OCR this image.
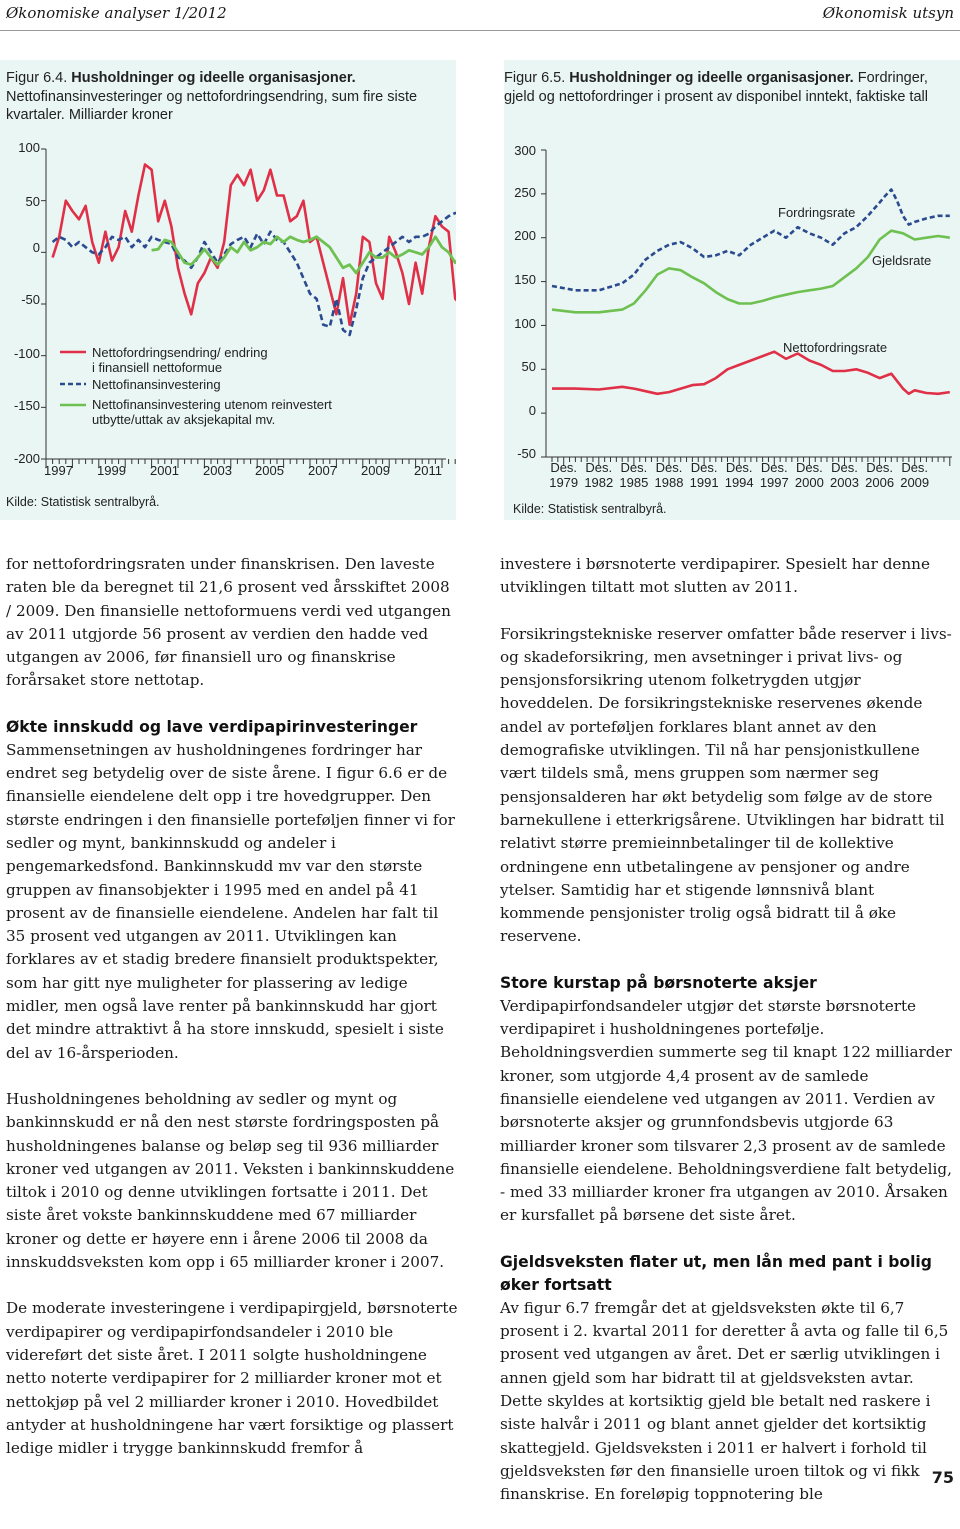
Økonomiske analyser 1/2012	Økonomisk utsyn
Figur 6.4. Husholdninger og ideelle organisasjoner.
Nettofinansinvesteringer og nettofordringsendring, sum fire siste kvartaler. Milliarder kroner
100
50
0
-50
-100
-150
-200
Nettofordringsendring/ endring i finansiell nettoformue
Nettofinansinvestering
Nettofinansinvestering utenom reinvestert utbytte/uttak av aksjekapital mv.
1997 1999 2001 2003 2005 2007 2009 2011
Kilde: Statistisk sentralbyrå.
Figur 6.5. Husholdninger og ideelle organisasjoner. Fordringer, gjeld og nettofordringer i prosent av disponibel inntekt, faktiske tall
300
250
200
150
100
50
0
-50
Fordringsrate
Gjeldsrate
Nettofordringsrate
Des. 1979
Des. 1982
Des. 1985
Des. 1988
Des. 1991
Des. 1994
Des. 1997
Des. 2000
Des. 2003
Des. 2006
Des. 2009
Kilde: Statistisk sentralbyrå.

for nettofordringsraten under finanskrisen. Den laveste raten ble da beregnet til 21,6 prosent ved årsskiftet 2008 / 2009. Den finansielle nettoformuens verdi ved utgangen av 2011 utgjorde 56 prosent av verdien den hadde ved utgangen av 2006, før finansiell uro og finanskrise forårsaket store nettotap.

Økte innskudd og lave verdipapirinvesteringer

Sammensetningen av husholdningenes fordringer har endret seg betydelig over de siste årene. I figur 6.6 er de finansielle eiendelene delt opp i tre hovedgrupper. Den største endringen i den finansielle porteføljen finner vi for sedler og mynt, bankinnskudd og andeler i pengemarkedsfond. Bankinnskudd mv var den største gruppen av finansobjekter i 1995 med en andel på 41 prosent av de finansielle eiendelene. Andelen har falt til 35 prosent ved utgangen av 2011. Utviklingen kan forklares av et stadig bredere finansielt produktspekter, som har gitt nye muligheter for plassering av ledige midler, men også lave renter på bankinnskudd har gjort det mindre attraktivt å ha store innskudd, spesielt i siste del av 16-årsperioden.

Husholdningenes beholdning av sedler og mynt og bankinnskudd er nå den nest største fordringsposten på husholdningenes balanse og beløp seg til 936 milliarder kroner ved utgangen av 2011. Veksten i bankinnskuddene tiltok i 2010 og denne utviklingen fortsatte i 2011. Det siste året vokste bankinnskuddene med 67 milliarder kroner og dette er høyere enn i årene 2006 til 2008 da innskuddsveksten kom opp i 65 milliarder kroner i 2007.

De moderate investeringene i verdipapirgjeld, børsnoterte verdipapirer og verdipapirfondsandeler i 2010 ble videreført det siste året. I 2011 solgte husholdningene netto noterte verdipapirer for 2 milliarder kroner mot et nettokjøp på vel 2 milliarder kroner i 2010. Hovedbildet antyder at husholdningene har vært forsiktige og plassert ledige midler i trygge bankinnskudd fremfor å

investere i børsnoterte verdipapirer. Spesielt har denne utviklingen tiltatt mot slutten av 2011.

Forsikringstekniske reserver omfatter både reserver i livs- og skadeforsikring, men avsetninger i privat livs- og pensjonsforsikring utenom folketrygden utgjør hoveddelen. De forsikringstekniske reservenes økende andel av porteføljen forklares blant annet av den demografiske utviklingen. Til nå har pensjonistkullene vært tildels små, mens gruppen som nærmer seg pensjonsalderen har økt betydelig som følge av de store barnekullene i etterkrigsårene. Utviklingen har bidratt til relativt større premieinnbetalinger til de kollektive ordningene enn utbetalingene av pensjoner og andre ytelser. Samtidig har et stigende lønnsnivå blant kommende pensjonister trolig også bidratt til å øke reservene.

Store kurstap på børsnoterte aksjer

Verdipapirfondsandeler utgjør det største børsnoterte verdipapiret i husholdningenes portefølje. Beholdningsverdien summerte seg til knapt 122 milliarder kroner, som utgjorde 4,4 prosent av de samlede finansielle eiendelene ved utgangen av 2011. Verdien av børsnoterte aksjer og grunnfondsbevis utgjorde 63 milliarder kroner som tilsvarer 2,3 prosent av de samlede finansielle eiendelene. Beholdningsverdiene falt betydelig, - med 33 milliarder kroner fra utgangen av 2010. Årsaken er kursfallet på børsene det siste året.

Gjeldsveksten flater ut, men lån med pant i bolig øker fortsatt

Av figur 6.7 fremgår det at gjeldsveksten økte til 6,7 prosent i 2. kvartal 2011 for deretter å avta og falle til 6,5 prosent ved utgangen av året. Det er særlig utviklingen i annen gjeld som har bidratt til at gjeldsveksten avtar. Dette skyldes at kortsiktig gjeld ble betalt ned raskere i siste halvår i 2011 og blant annet gjelder det kortsiktig skattegjeld. Gjeldsveksten i 2011 er halvert i forhold til gjeldsveksten før den finansielle uroen tiltok og vi fikk finanskrise. En foreløpig toppnotering ble

75
